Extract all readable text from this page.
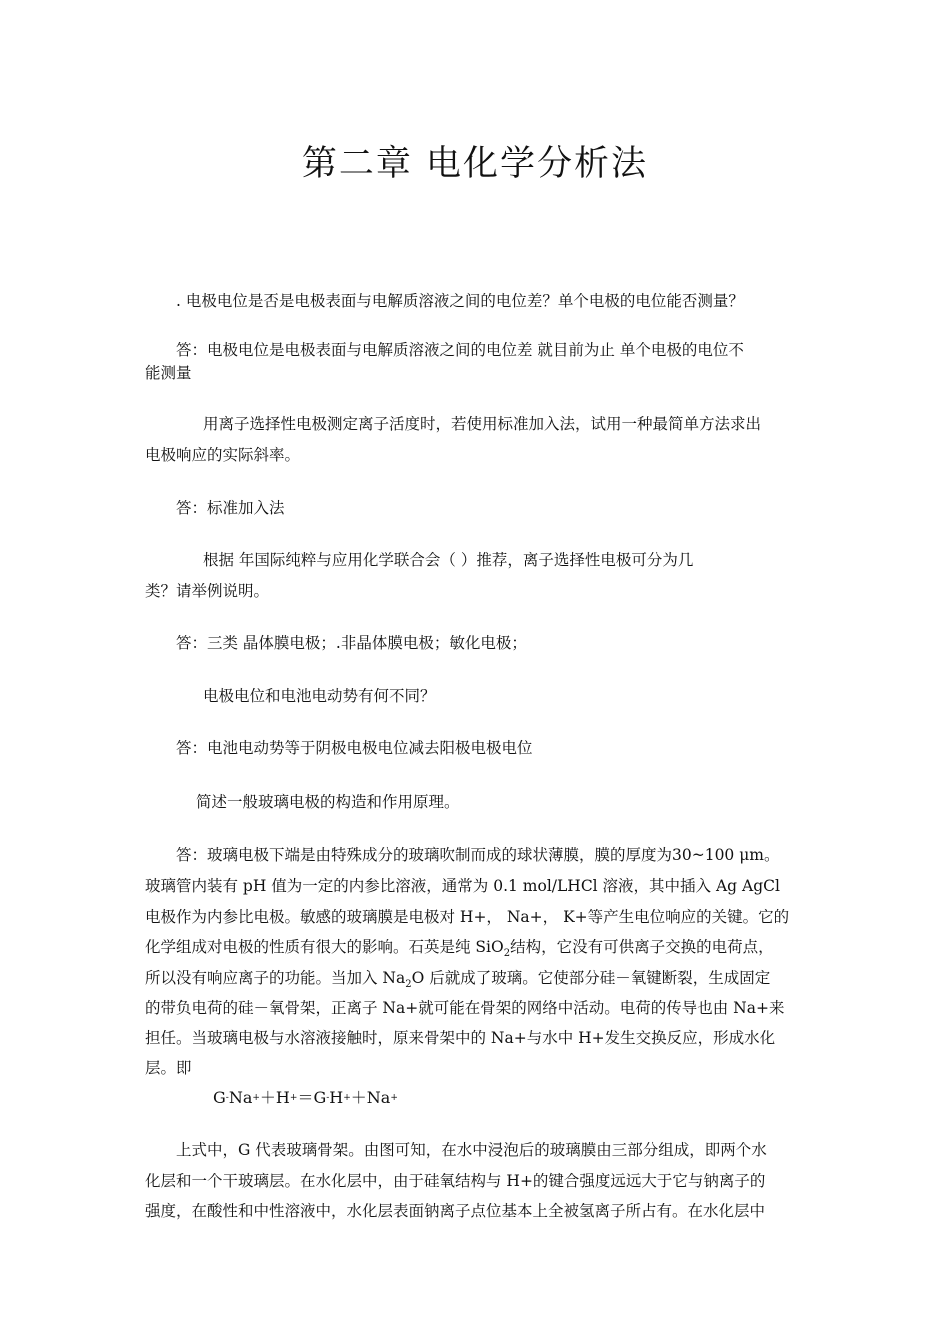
第二章 电化学分析法
. 电极电位是否是电极表面与电解质溶液之间的电位差？单个电极的电位能否测量？
答：电极电位是电极表面与电解质溶液之间的电位差 就目前为止 单个电极的电位不
能测量
用离子选择性电极测定离子活度时，若使用标准加入法，试用一种最简单方法求出
电极响应的实际斜率。
答：标准加入法
根据 年国际纯粹与应用化学联合会（ ）推荐，离子选择性电极可分为几
类？请举例说明。
答：三类 晶体膜电极；.非晶体膜电极；敏化电极；
电极电位和电池电动势有何不同？
答：电池电动势等于阴极电极电位减去阳极电极电位
简述一般玻璃电极的构造和作用原理。
答：玻璃电极下端是由特殊成分的玻璃吹制而成的球状薄膜，膜的厚度为30~100 μm。
玻璃管内装有 pH 值为一定的内参比溶液，通常为 0.1 mol/LHCl 溶液，其中插入 Ag AgCl
电极作为内参比电极。敏感的玻璃膜是电极对 H+， Na+， K+等产生电位响应的关键。它的
化学组成对电极的性质有很大的影响。石英是纯 SiO$_2$结构，它没有可供离子交换的电荷点，
所以没有响应离子的功能。当加入 $Na_2O$ 后就成了玻璃。它使部分硅－氧键断裂，生成固定
的带负电荷的硅－氧骨架，正离子 Na+就可能在骨架的网络中活动。电荷的传导也由 Na+来
担任。当玻璃电极与水溶液接触时，原来骨架中的 Na+与水中 H+发生交换反应，形成水化
层。即
G-Na+＋H+＝G-H+＋Na+
上式中，G 代表玻璃骨架。由图可知，在水中浸泡后的玻璃膜由三部分组成，即两个水
化层和一个干玻璃层。在水化层中，由于硅氧结构与 H+的键合强度远远大于它与钠离子的
强度，在酸性和中性溶液中，水化层表面钠离子点位基本上全被氢离子所占有。在水化层中
